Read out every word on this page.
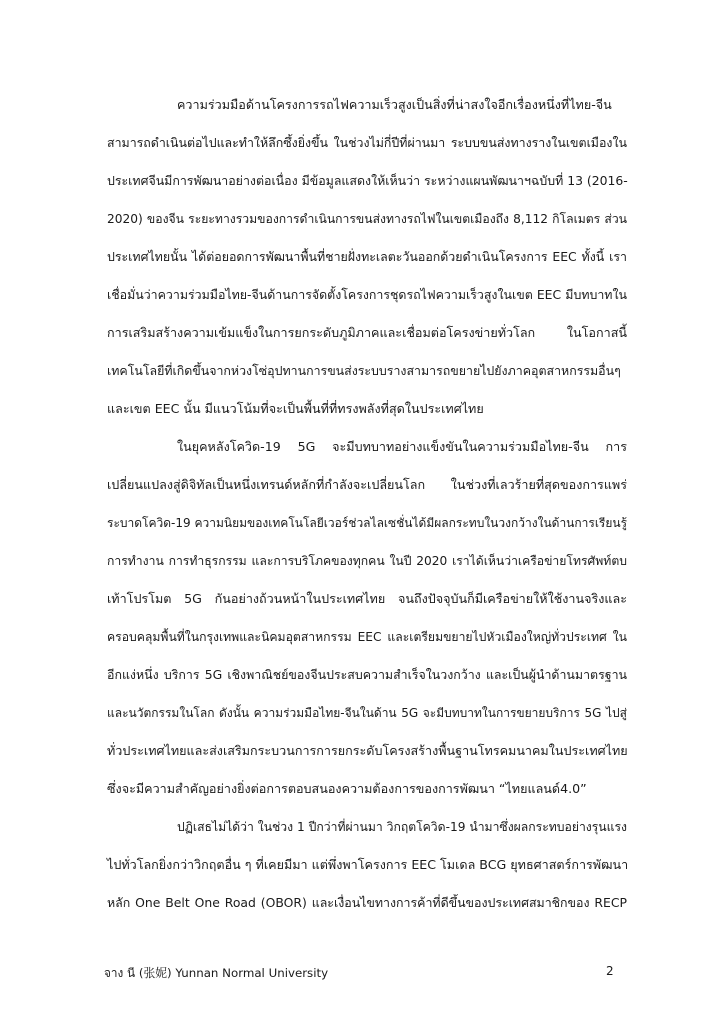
ความร่วมมือด้านโครงการรถไฟความเร็วสูงเป็นสิ่งที่น่าสงใจอีกเรื่องหนึ่งที่ไทย-จีน
สามารถดำเนินต่อไปและทำให้ลึกซึ้งยิ่งขึ้น ในช่วงไม่กี่ปีที่ผ่านมา ระบบขนส่งทางรางในเขตเมืองใน
ประเทศจีนมีการพัฒนาอย่างต่อเนื่อง มีข้อมูลแสดงให้เห็นว่า ระหว่างแผนพัฒนาฯฉบับที่ 13 (2016-
2020) ของจีน ระยะทางรวมของการดำเนินการขนส่งทางรถไฟในเขตเมืองถึง 8,112 กิโลเมตร ส่วน
ประเทศไทยนั้น ได้ต่อยอดการพัฒนาพื้นที่ชายฝั่งทะเลตะวันออกด้วยดำเนินโครงการ EEC ทั้งนี้ เรา
เชื่อมั่นว่าความร่วมมือไทย-จีนด้านการจัดตั้งโครงการชุดรถไฟความเร็วสูงในเขต EEC มีบทบาทใน
การเสริมสร้างความเข้มแข็งในการยกระดับภูมิภาคและเชื่อมต่อโครงข่ายทั่วโลก ในโอกาสนี้
เทคโนโลยีที่เกิดขึ้นจากห่วงโซ่อุปทานการขนส่งระบบรางสามารถขยายไปยังภาคอุตสาหกรรมอื่นๆ
และเขต EEC นั้น มีแนวโน้มที่จะเป็นพื้นที่ที่ทรงพลังที่สุดในประเทศไทย
ในยุคหลังโควิด-19 5G จะมีบทบาทอย่างแข็งขันในความร่วมมือไทย-จีน การ
เปลี่ยนแปลงสู่ดิจิทัลเป็นหนึ่งเทรนด์หลักที่กำลังจะเปลี่ยนโลก ในช่วงที่เลวร้ายที่สุดของการแพร่
ระบาดโควิด-19 ความนิยมของเทคโนโลยีเวอร์ช่วลไลเซชั่นได้มีผลกระทบในวงกว้างในด้านการเรียนรู้
การทำงาน การทำธุรกรรม และการบริโภคของทุกคน ในปี 2020 เราได้เห็นว่าเครือข่ายโทรศัพท์ตบ
เท้าโปรโมต 5G กันอย่างถ้วนหน้าในประเทศไทย จนถึงปัจจุบันก็มีเครือข่ายให้ใช้งานจริงและ
ครอบคลุมพื้นที่ในกรุงเทพและนิคมอุตสาหกรรม EEC และเตรียมขยายไปหัวเมืองใหญ่ทั่วประเทศ ใน
อีกแง่หนึ่ง บริการ 5G เชิงพาณิชย์ของจีนประสบความสำเร็จในวงกว้าง และเป็นผู้นำด้านมาตรฐาน
และนวัตกรรมในโลก ดังนั้น ความร่วมมือไทย-จีนในด้าน 5G จะมีบทบาทในการขยายบริการ 5G ไปสู่
ทั่วประเทศไทยและส่งเสริมกระบวนการการยกระดับโครงสร้างพื้นฐานโทรคมนาคมในประเทศไทย
ซึ่งจะมีความสำคัญอย่างยิ่งต่อการตอบสนองความต้องการของการพัฒนา “ไทยแลนด์4.0”
ปฏิเสธไม่ได้ว่า ในช่วง 1 ปีกว่าที่ผ่านมา วิกฤตโควิด-19 นำมาซึ่งผลกระทบอย่างรุนแรง
ไปทั่วโลกยิ่งกว่าวิกฤตอื่น ๆ ที่เคยมีมา แต่พึ่งพาโครงการ EEC โมเดล BCG ยุทธศาสตร์การพัฒนา
หลัก One Belt One Road (OBOR) และเงื่อนไขทางการค้าที่ดีขึ้นของประเทศสมาชิกของ RECP
จาง นี (张妮) Yunnan Normal University	2
